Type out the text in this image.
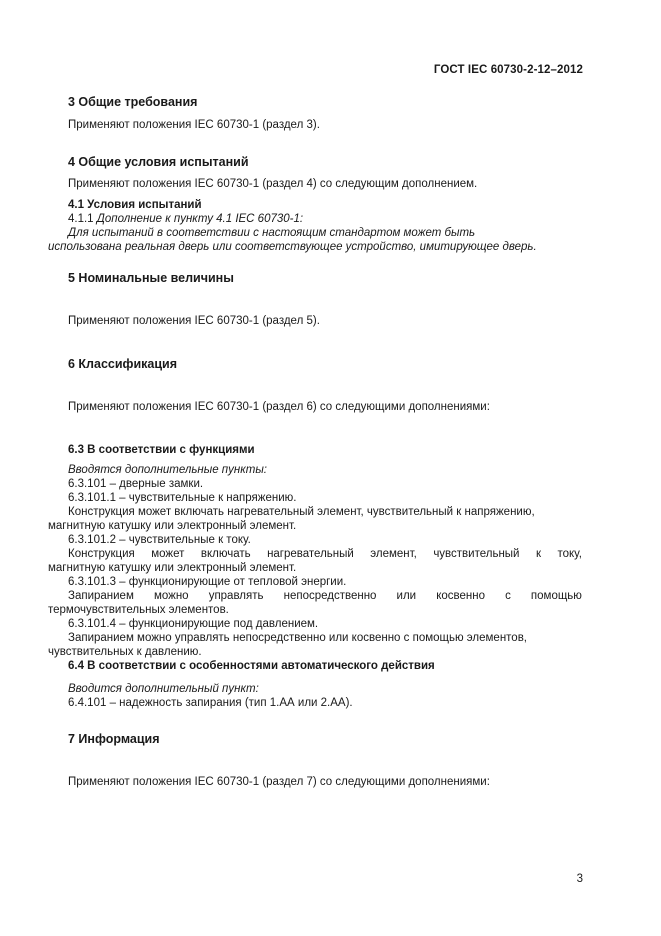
ГОСТ IEC 60730-2-12–2012
3 Общие требования
Применяют положения IEC 60730-1 (раздел 3).
4 Общие условия испытаний
Применяют положения IEC 60730-1 (раздел 4) со следующим дополнением.
4.1 Условия испытаний
4.1.1 Дополнение к пункту 4.1 IEC 60730-1:
Для испытаний в соответствии с настоящим стандартом может быть
использована реальная дверь или соответствующее устройство, имитирующее дверь.
5 Номинальные величины
Применяют положения IEC 60730-1 (раздел 5).
6 Классификация
Применяют положения IEC 60730-1 (раздел 6) со следующими дополнениями:
6.3 В соответствии с функциями
Вводятся дополнительные пункты:
6.3.101 – дверные замки.
6.3.101.1 – чувствительные к напряжению.
Конструкция может включать нагревательный элемент, чувствительный к напряжению,
магнитную катушку или электронный элемент.
6.3.101.2 – чувствительные к току.
Конструкция может включать нагревательный элемент, чувствительный к току,
магнитную катушку или электронный элемент.
6.3.101.3 – функционирующие от тепловой энергии.
Запиранием можно управлять непосредственно или косвенно с помощью
термочувствительных элементов.
6.3.101.4 – функционирующие под давлением.
Запиранием можно управлять непосредственно или косвенно с помощью элементов,
чувствительных к давлению.
6.4 В соответствии с особенностями автоматического действия
Вводится дополнительный пункт:
6.4.101 – надежность запирания (тип 1.АА или 2.АА).
7 Информация
Применяют положения IEC 60730-1 (раздел 7) со следующими дополнениями:
3
